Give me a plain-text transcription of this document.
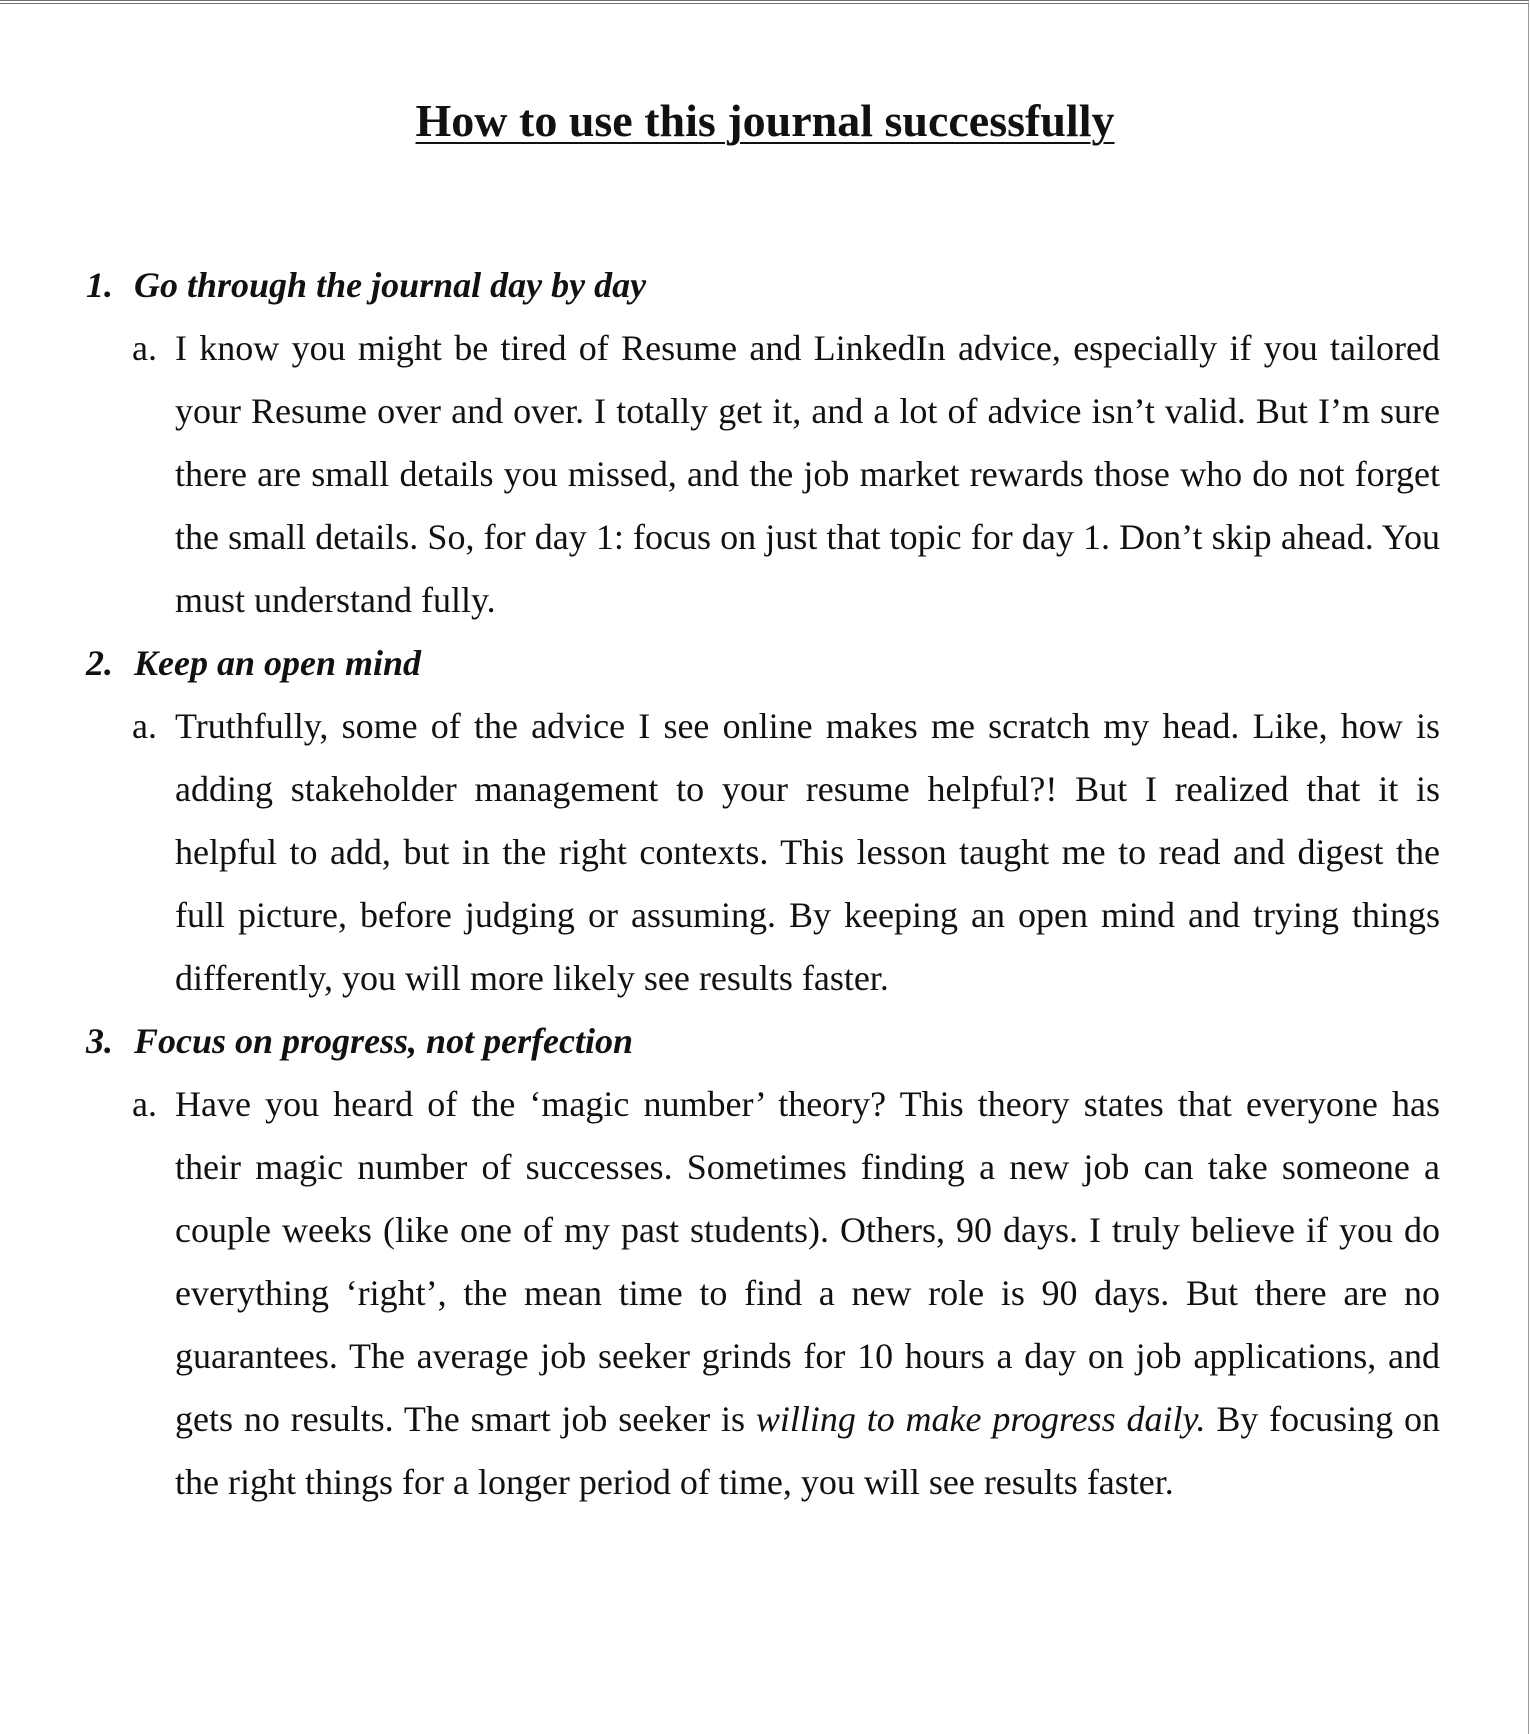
How to use this journal successfully
1. Go through the journal day by day
a. I know you might be tired of Resume and LinkedIn advice, especially if you tailored your Resume over and over. I totally get it, and a lot of advice isn’t valid. But I’m sure there are small details you missed, and the job market rewards those who do not forget the small details. So, for day 1: focus on just that topic for day 1. Don’t skip ahead. You must understand fully.

2. Keep an open mind
a. Truthfully, some of the advice I see online makes me scratch my head. Like, how is adding stakeholder management to your resume helpful?! But I realized that it is helpful to add, but in the right contexts. This lesson taught me to read and digest the full picture, before judging or assuming. By keeping an open mind and trying things differently, you will more likely see results faster.

3. Focus on progress, not perfection
a. Have you heard of the ‘magic number’ theory? This theory states that everyone has their magic number of successes. Sometimes finding a new job can take someone a couple weeks (like one of my past students). Others, 90 days. I truly believe if you do everything ‘right’, the mean time to find a new role is 90 days. But there are no guarantees. The average job seeker grinds for 10 hours a day on job applications, and gets no results. The smart job seeker is willing to make progress daily. By focusing on the right things for a longer period of time, you will see results faster.
